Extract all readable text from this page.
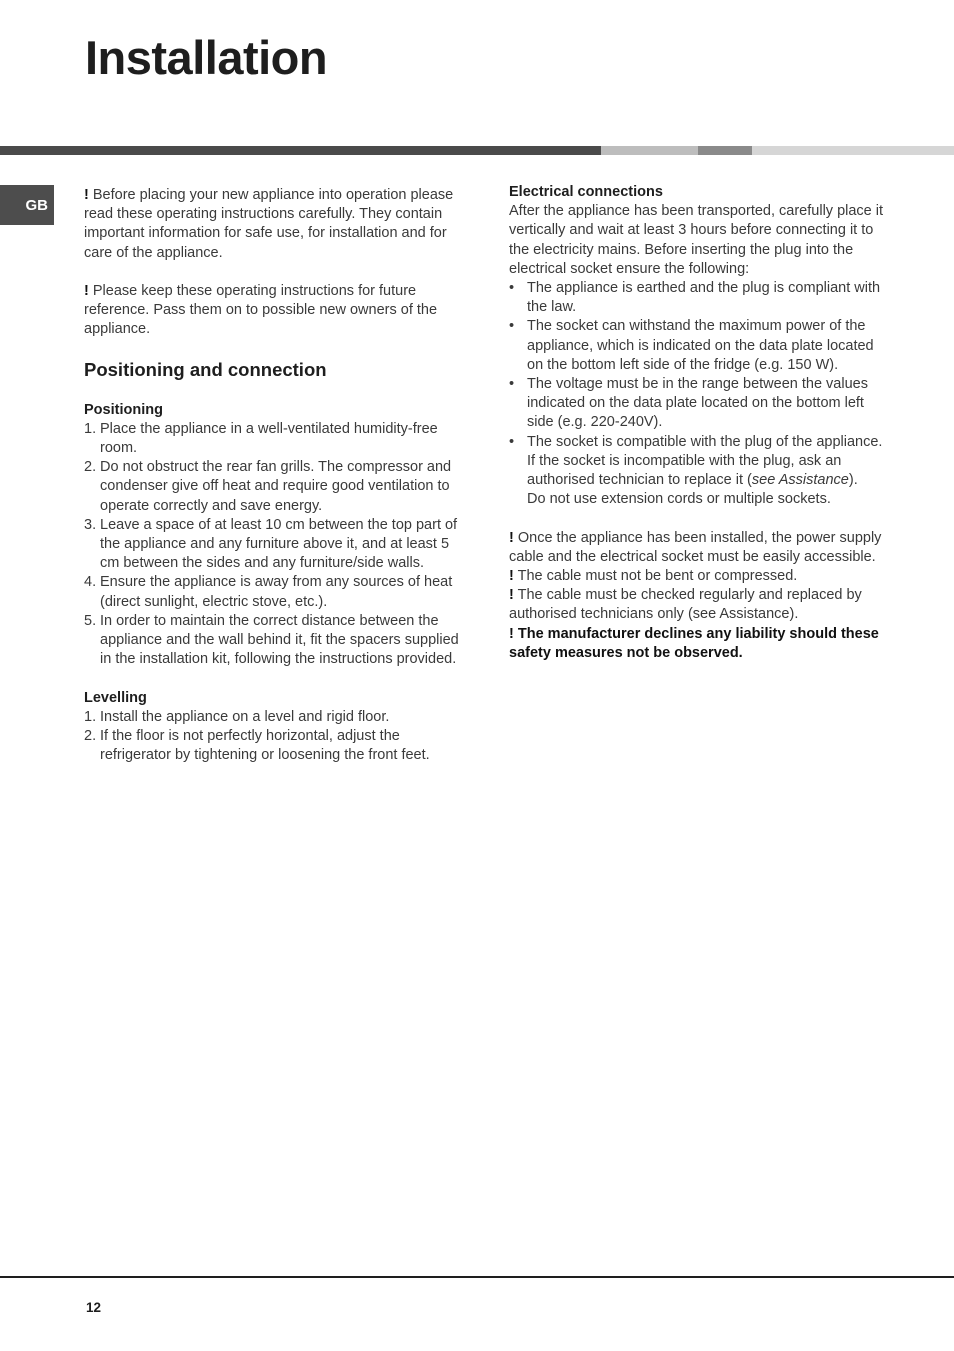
Installation
GB

! Before placing your new appliance into operation please read these operating instructions carefully. They contain important information for safe use, for installation and for care of the appliance.

! Please keep these operating instructions for future reference. Pass them on to possible new owners of the appliance.

Positioning and connection
Positioning
1. Place the appliance in a well-ventilated humidity-free room.
2. Do not obstruct the rear fan grills. The compressor and condenser give off heat and require good ventilation to operate correctly and save energy.
3. Leave a space of at least 10 cm between the top part of the appliance and any furniture above it, and at least 5 cm between the sides and any furniture/side walls.
4. Ensure the appliance is away from any sources of heat (direct sunlight, electric stove, etc.).
5. In order to maintain the correct distance between the appliance and the wall behind it, fit the spacers supplied in the installation kit, following the instructions provided.
Levelling
1. Install the appliance on a level and rigid floor.
2. If the floor is not perfectly horizontal, adjust the refrigerator by tightening or loosening the front feet.
Electrical connections

After the appliance has been transported, carefully place it vertically and wait at least 3 hours before connecting it to the electricity mains. Before inserting the plug into the electrical socket ensure the following:

• The appliance is earthed and the plug is compliant with the law.
• The socket can withstand the maximum power of the appliance, which is indicated on the data plate located on the bottom left side of the fridge (e.g. 150 W).
• The voltage must be in the range between the values indicated on the data plate located on the bottom left side (e.g. 220-240V).
• The socket is compatible with the plug of the appliance.
If the socket is incompatible with the plug, ask an authorised technician to replace it (see Assistance).
Do not use extension cords or multiple sockets.

! Once the appliance has been installed, the power supply cable and the electrical socket must be easily accessible.

! The cable must not be bent or compressed.

! The cable must be checked regularly and replaced by authorised technicians only (see Assistance).

! The manufacturer declines any liability should these safety measures not be observed.

12
